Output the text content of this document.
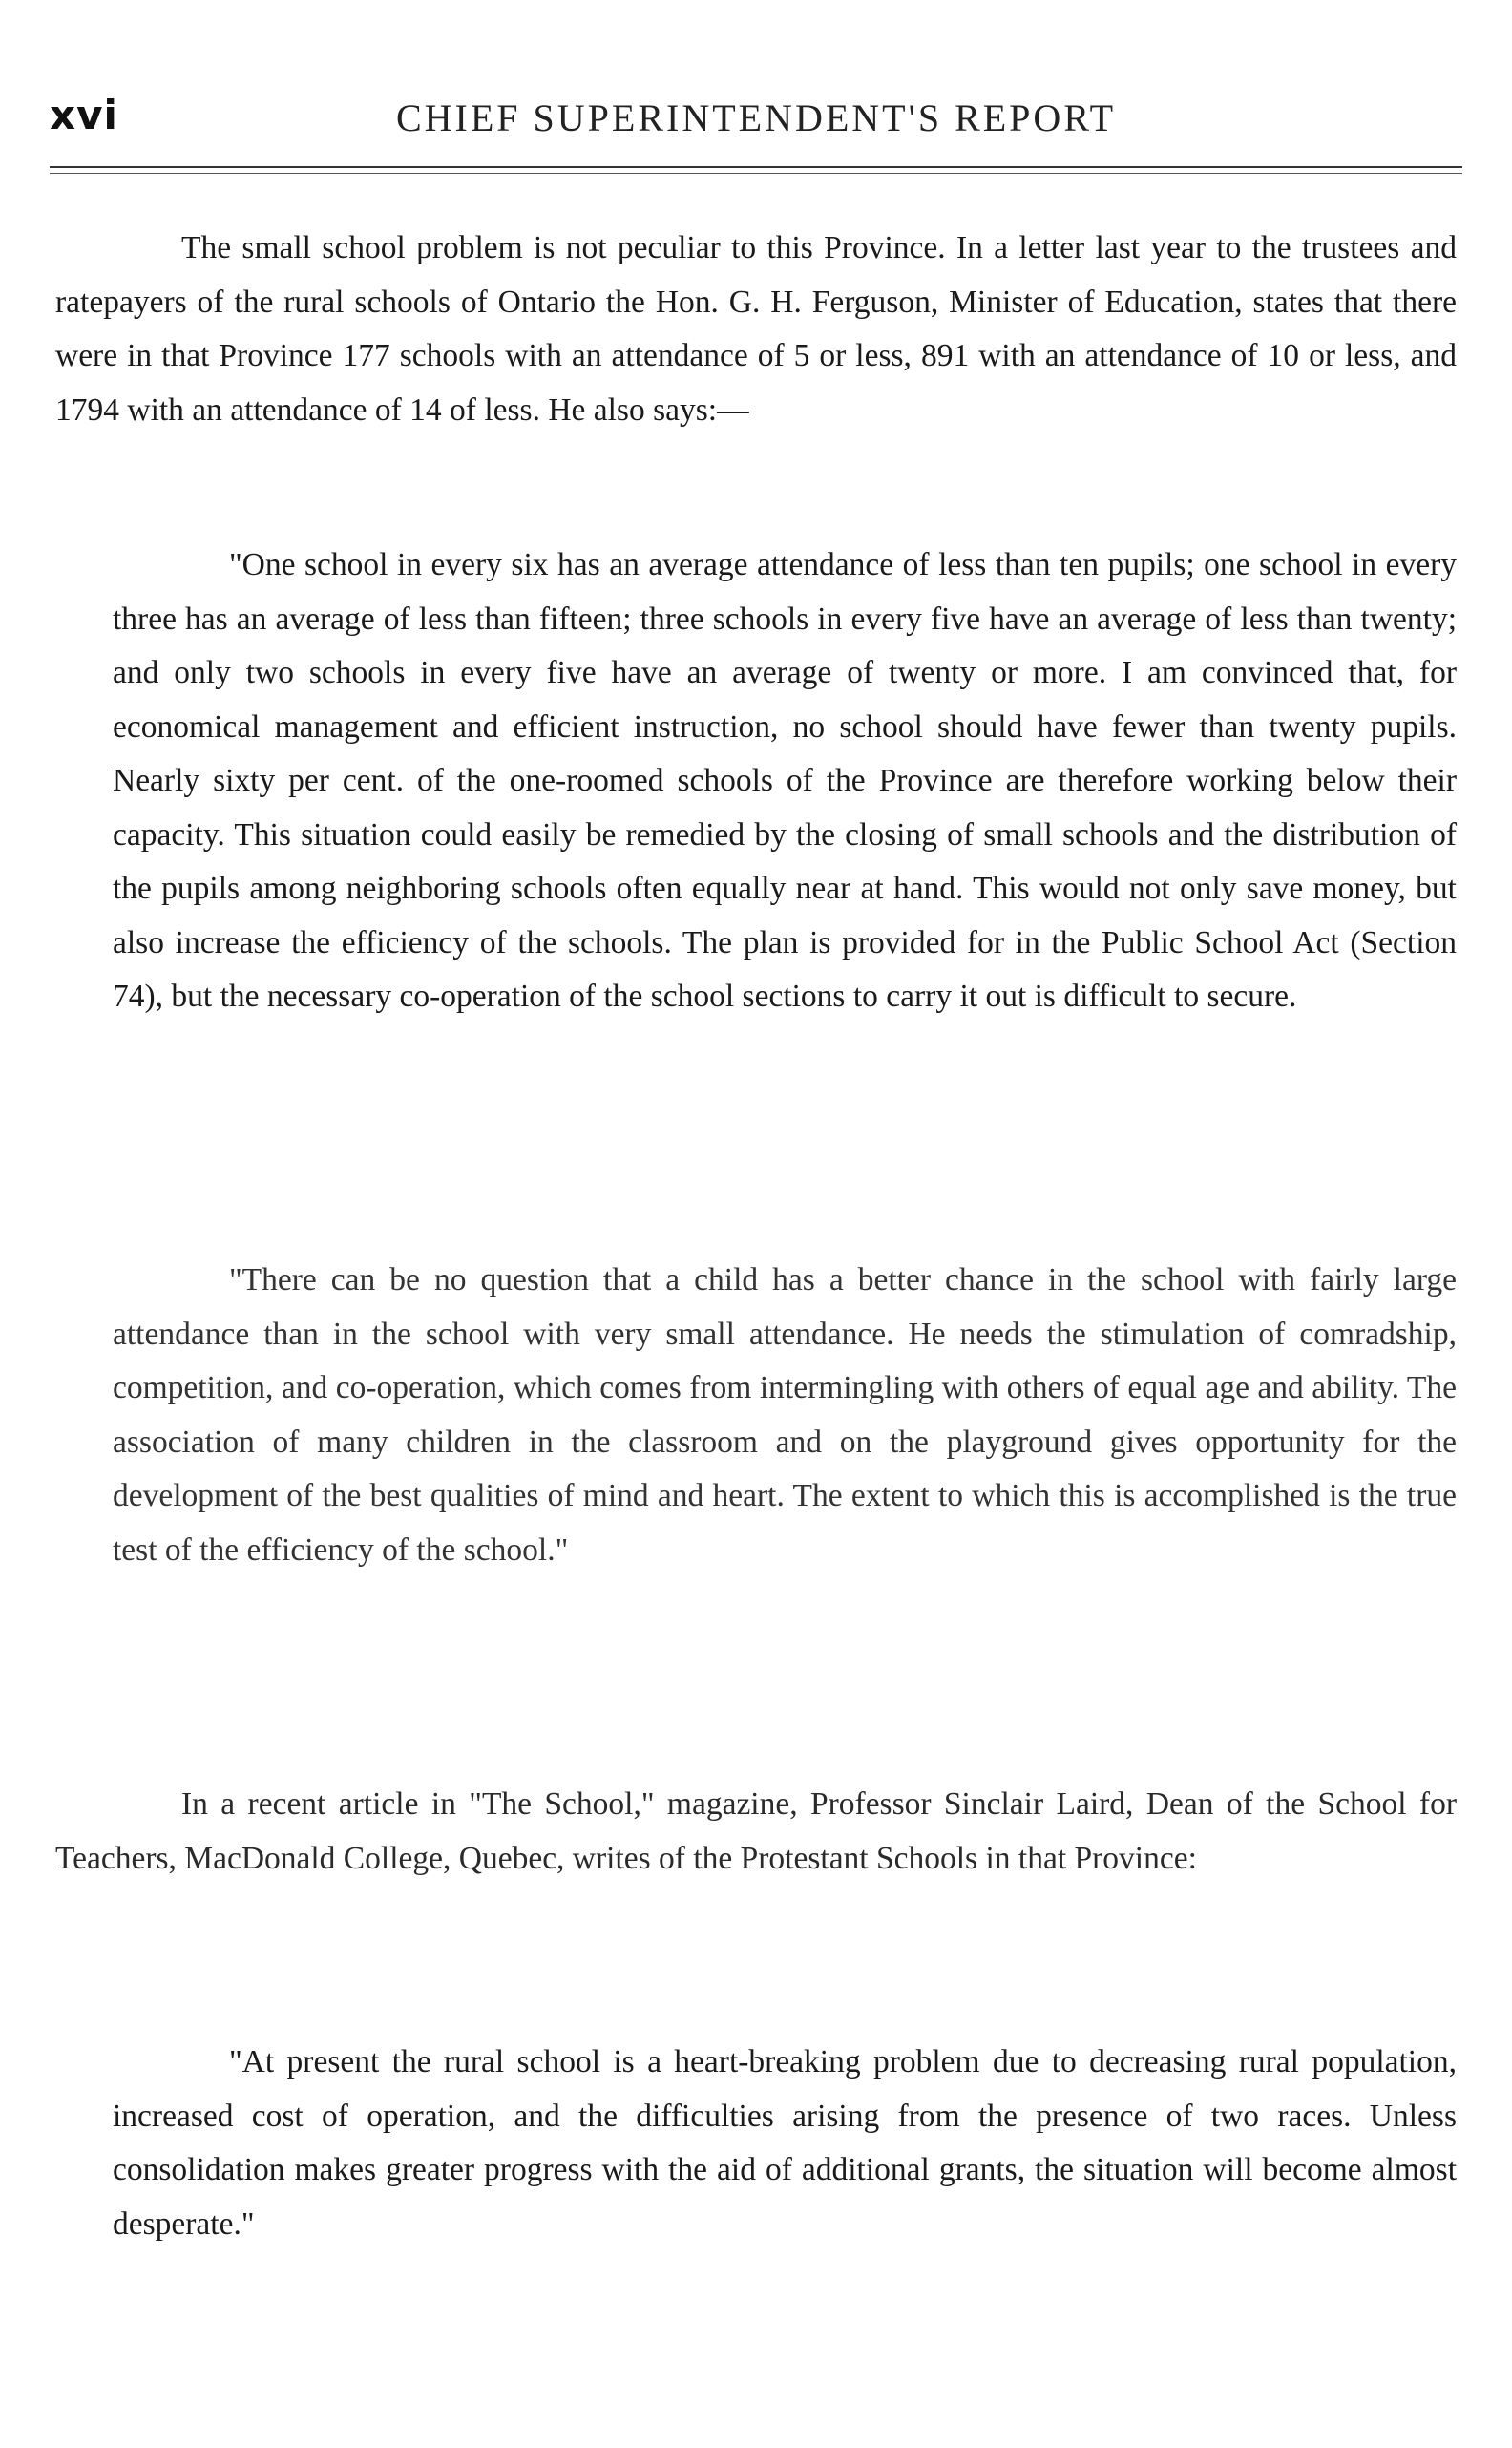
xvi	CHIEF SUPERINTENDENT'S REPORT

The small school problem is not peculiar to this Province. In a letter last year to the trustees and ratepayers of the rural schools of Ontario the Hon. G. H. Ferguson, Minister of Education, states that there were in that Province 177 schools with an attendance of 5 or less, 891 with an attendance of 10 or less, and 1794 with an attendance of 14 of less. He also says:—

"One school in every six has an average attendance of less than ten pupils; one school in every three has an average of less than fifteen; three schools in every five have an average of less than twenty; and only two schools in every five have an average of twenty or more. I am convinced that, for economical management and efficient instruction, no school should have fewer than twenty pupils. Nearly sixty per cent. of the one-roomed schools of the Province are therefore working below their capacity. This situation could easily be remedied by the closing of small schools and the distribution of the pupils among neighboring schools often equally near at hand. This would not only save money, but also increase the efficiency of the schools. The plan is provided for in the Public School Act (Section 74), but the necessary co-operation of the school sections to carry it out is difficult to secure.

"There can be no question that a child has a better chance in the school with fairly large attendance than in the school with very small attendance. He needs the stimulation of comradship, competition, and co-operation, which comes from intermingling with others of equal age and ability. The association of many children in the classroom and on the playground gives opportunity for the development of the best qualities of mind and heart. The extent to which this is accomplished is the true test of the efficiency of the school."

In a recent article in "The School," magazine, Professor Sinclair Laird, Dean of the School for Teachers, MacDonald College, Quebec, writes of the Protestant Schools in that Province:

"At present the rural school is a heart-breaking problem due to decreasing rural population, increased cost of operation, and the difficulties arising from the presence of two races. Unless consolidation makes greater progress with the aid of additional grants, the situation will become almost desperate."
